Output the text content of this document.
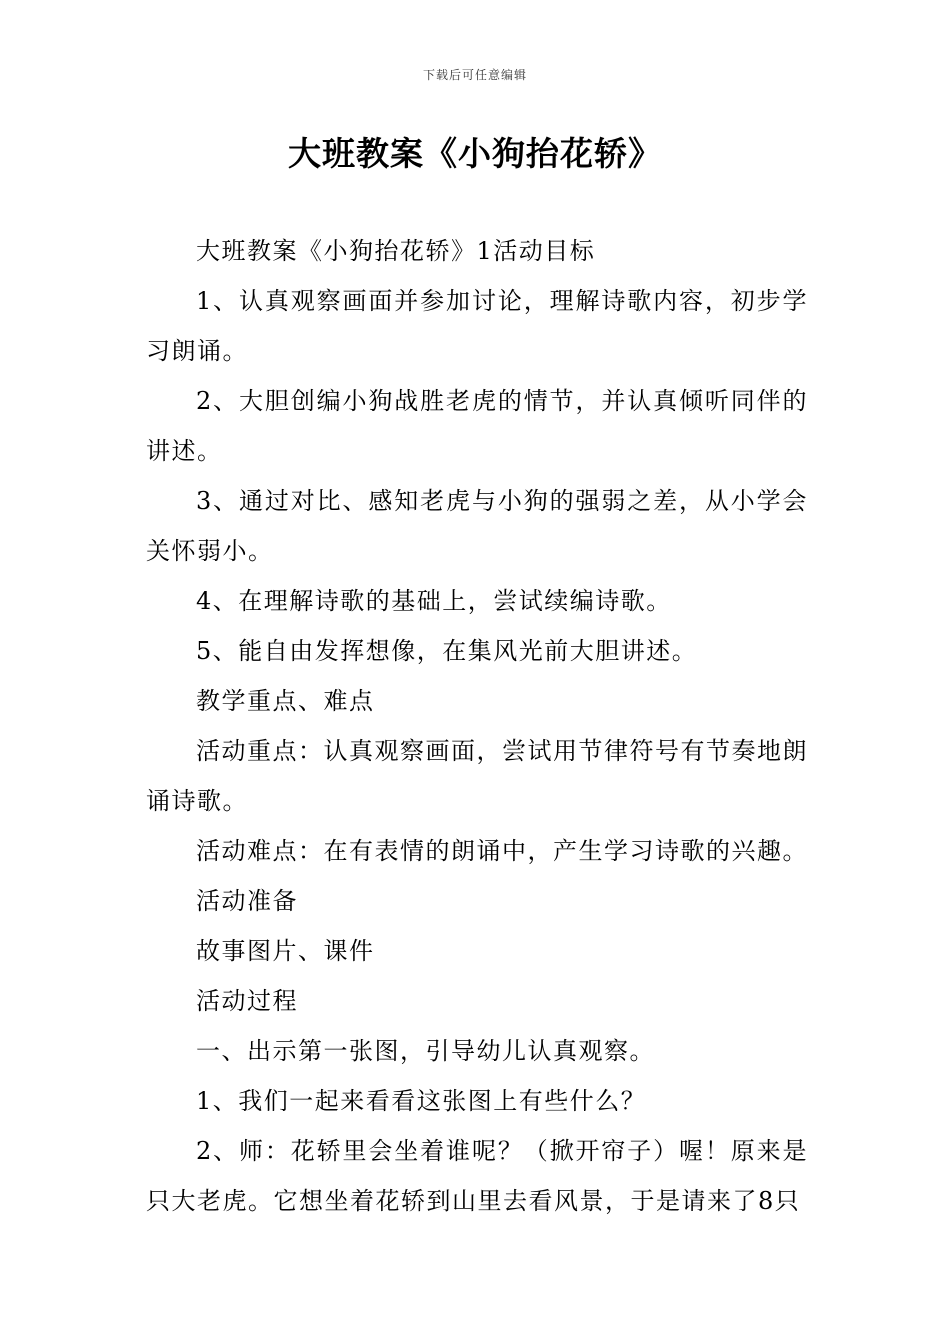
下载后可任意编辑
大班教案《小狗抬花轿》

大班教案《小狗抬花轿》1活动目标

1、认真观察画面并参加讨论，理解诗歌内容，初步学习朗诵。

2、大胆创编小狗战胜老虎的情节，并认真倾听同伴的讲述。

3、通过对比、感知老虎与小狗的强弱之差，从小学会关怀弱小。

4、在理解诗歌的基础上，尝试续编诗歌。

5、能自由发挥想像，在集风光前大胆讲述。

教学重点、难点

活动重点：认真观察画面，尝试用节律符号有节奏地朗诵诗歌。

活动难点：在有表情的朗诵中，产生学习诗歌的兴趣。

活动准备

故事图片、课件

活动过程

一、出示第一张图，引导幼儿认真观察。

1、我们一起来看看这张图上有些什么？

2、师：花轿里会坐着谁呢？（掀开帘子）喔！原来是只大老虎。它想坐着花轿到山里去看风景，于是请来了8只
